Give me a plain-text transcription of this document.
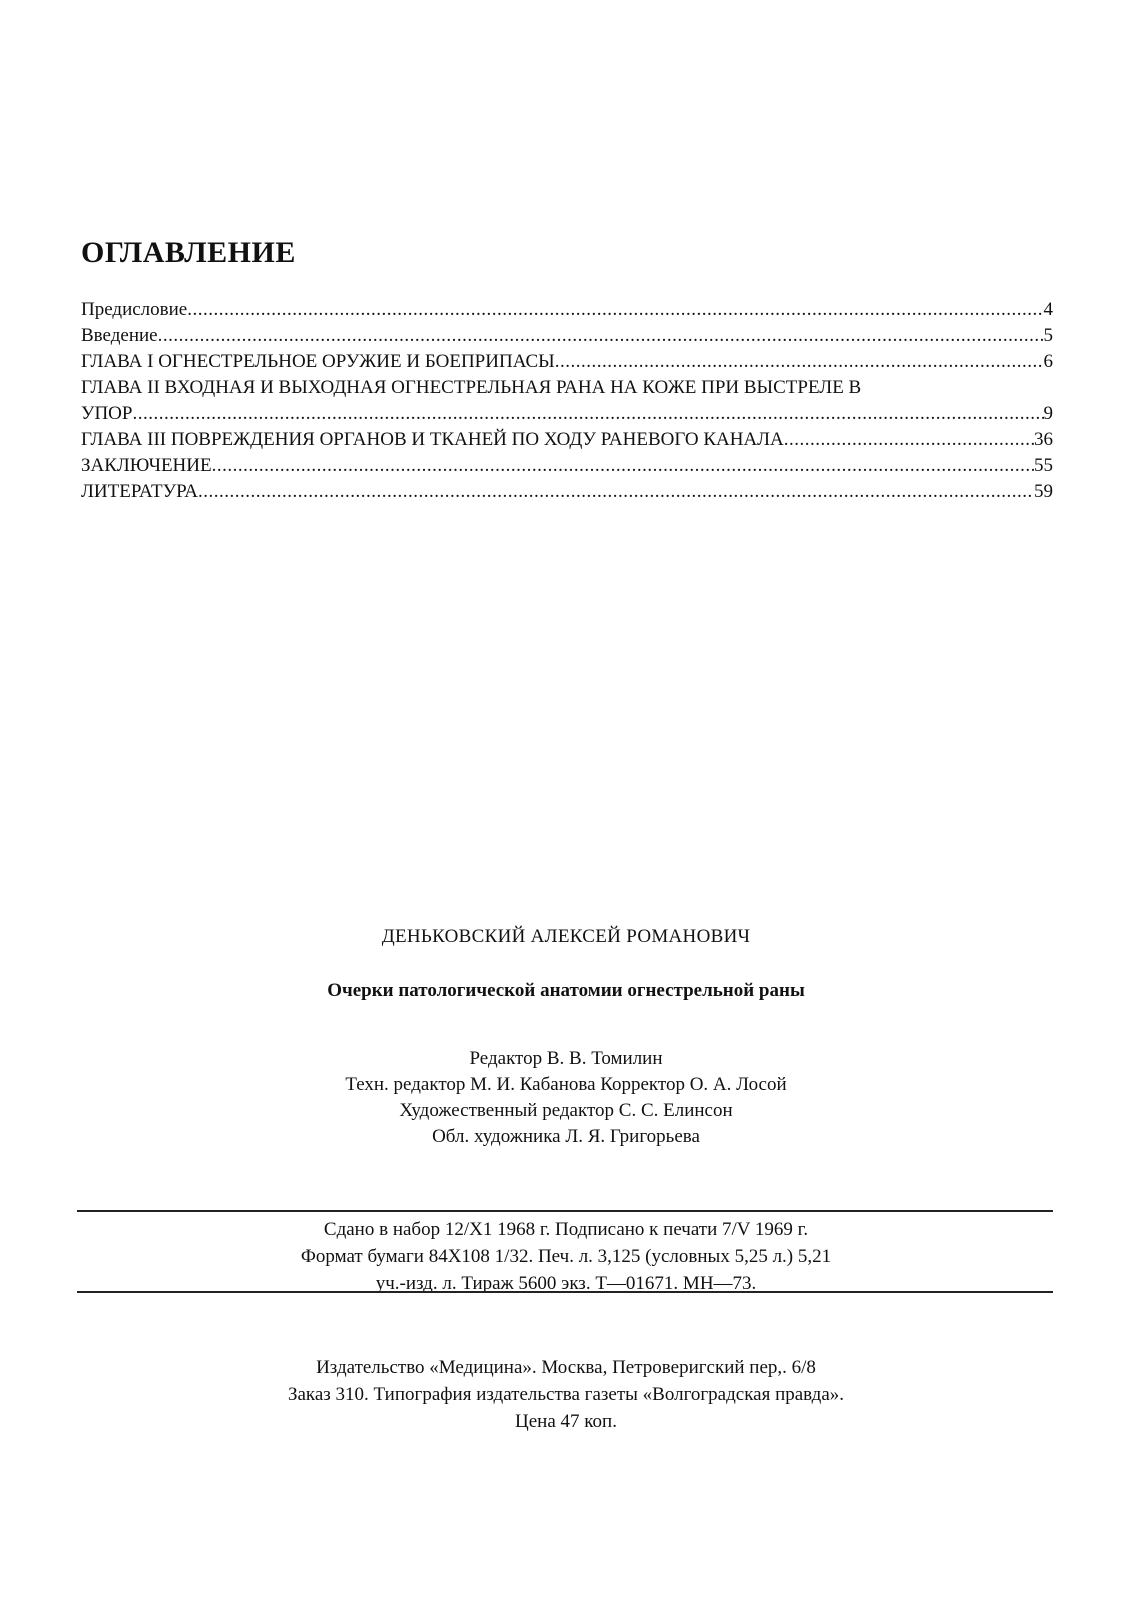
ОГЛАВЛЕНИЕ
Предисловие .....	4
Введение .....	5
ГЛАВА I ОГНЕСТРЕЛЬНОЕ ОРУЖИЕ И БОЕПРИПАСЫ .....	6
ГЛАВА II ВХОДНАЯ И ВЫХОДНАЯ ОГНЕСТРЕЛЬНАЯ РАНА НА КОЖЕ ПРИ ВЫСТРЕЛЕ В
УПОР .....	9
ГЛАВА III ПОВРЕЖДЕНИЯ ОРГАНОВ И ТКАНЕЙ ПО ХОДУ РАНЕВОГО КАНАЛА .....	36
ЗАКЛЮЧЕНИЕ .....	55
ЛИТЕРАТУРА .....	59
ДЕНЬКОВСКИЙ АЛЕКСЕЙ РОМАНОВИЧ
Очерки патологической анатомии огнестрельной раны
Редактор В. В. Томилин
Техн. редактор М. И. Кабанова Корректор О. А. Лосой
Художественный редактор С. С. Елинсон
Обл. художника Л. Я. Григорьева
Сдано в набор 12/Х1 1968 г. Подписано к печати 7/V 1969 г.
Формат бумаги 84Х108 1/32. Печ. л. 3,125 (условных 5,25 л.) 5,21
уч.-изд. л. Тираж 5600 экз. Т—01671. МН—73.
Издательство «Медицина». Москва, Петроверигский пер,. 6/8
Заказ 310. Типография издательства газеты «Волгоградская правда».
Цена 47 коп.
